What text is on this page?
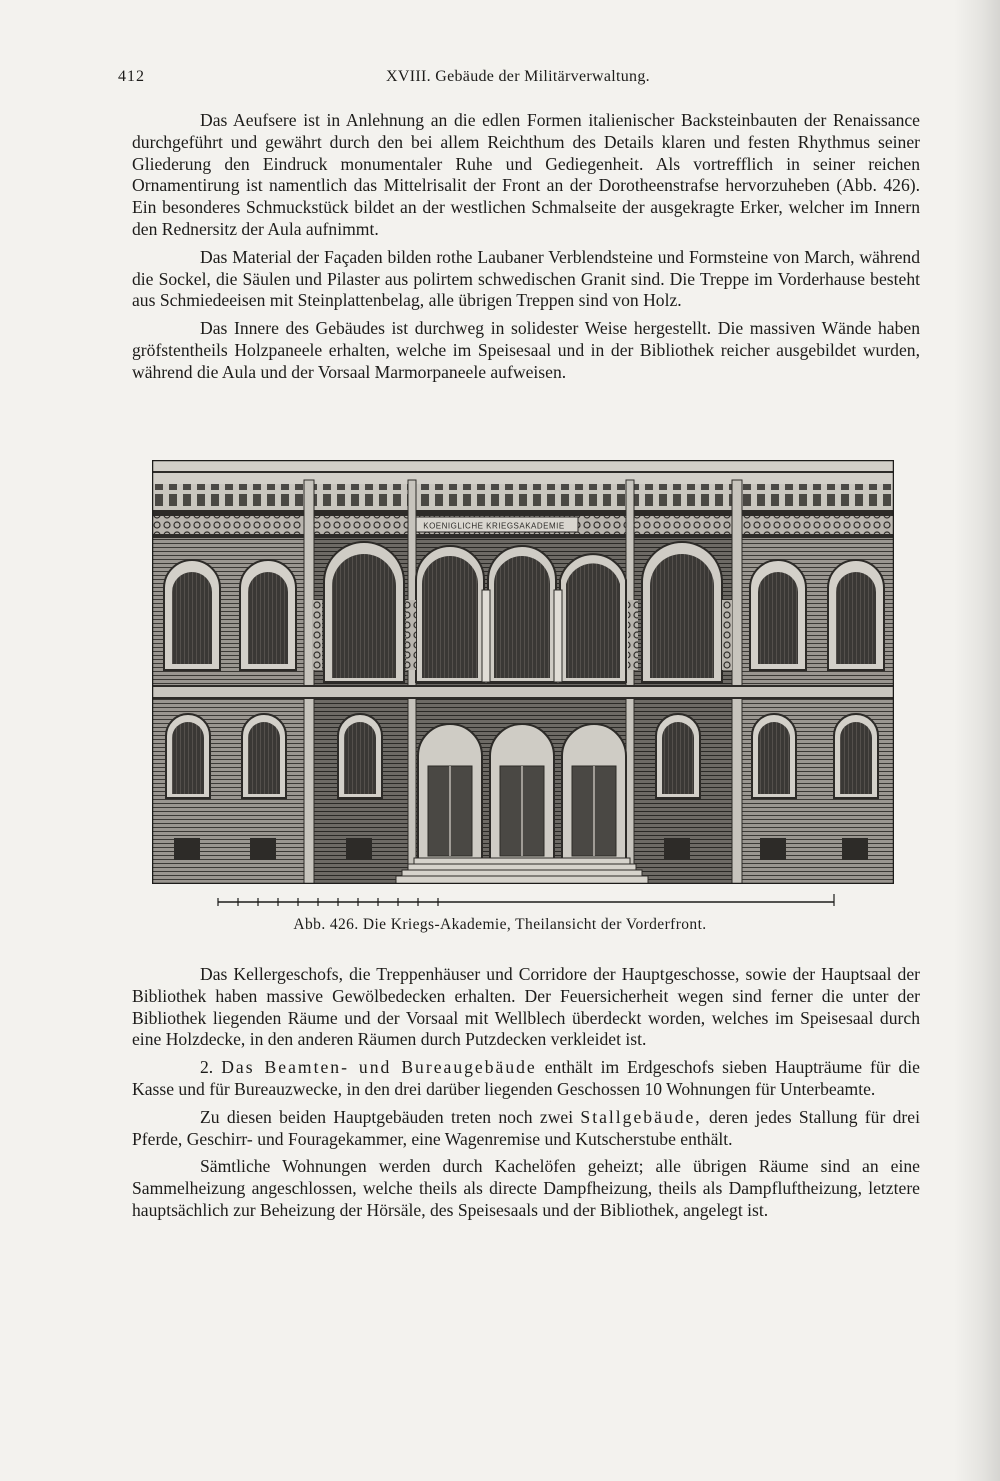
412	XVIII. Gebäude der Militärverwaltung.

Das Aeufsere ist in Anlehnung an die edlen Formen italienischer Backsteinbauten der Renaissance durchgeführt und gewährt durch den bei allem Reichthum des Details klaren und festen Rhythmus seiner Gliederung den Eindruck monumentaler Ruhe und Gediegenheit. Als vortrefflich in seiner reichen Ornamentirung ist namentlich das Mittelrisalit der Front an der Dorotheenstrafse hervorzuheben (Abb. 426). Ein besonderes Schmuckstück bildet an der westlichen Schmalseite der ausgekragte Erker, welcher im Innern den Rednersitz der Aula aufnimmt.

Das Material der Façaden bilden rothe Laubaner Verblendsteine und Formsteine von March, während die Sockel, die Säulen und Pilaster aus polirtem schwedischen Granit sind. Die Treppe im Vorderhause besteht aus Schmiedeeisen mit Steinplattenbelag, alle übrigen Treppen sind von Holz.

Das Innere des Gebäudes ist durchweg in solidester Weise hergestellt. Die massiven Wände haben gröfstentheils Holzpaneele erhalten, welche im Speisesaal und in der Bibliothek reicher ausgebildet wurden, während die Aula und der Vorsaal Marmorpaneele aufweisen.

KOENIGLICHE KRIEGSAKADEMIE
Abb. 426. Die Kriegs-Akademie, Theilansicht der Vorderfront.

Das Kellergeschofs, die Treppenhäuser und Corridore der Hauptgeschosse, sowie der Hauptsaal der Bibliothek haben massive Gewölbedecken erhalten. Der Feuersicherheit wegen sind ferner die unter der Bibliothek liegenden Räume und der Vorsaal mit Wellblech überdeckt worden, welches im Speisesaal durch eine Holzdecke, in den anderen Räumen durch Putzdecken verkleidet ist.

2. Das Beamten- und Bureaugebäude enthält im Erdgeschofs sieben Haupträume für die Kasse und für Bureauzwecke, in den drei darüber liegenden Geschossen 10 Wohnungen für Unterbeamte.

Zu diesen beiden Hauptgebäuden treten noch zwei Stallgebäude, deren jedes Stallung für drei Pferde, Geschirr- und Fouragekammer, eine Wagenremise und Kutscherstube enthält.

Sämtliche Wohnungen werden durch Kachelöfen geheizt; alle übrigen Räume sind an eine Sammelheizung angeschlossen, welche theils als directe Dampfheizung, theils als Dampfluftheizung, letztere hauptsächlich zur Beheizung der Hörsäle, des Speisesaals und der Bibliothek, angelegt ist.
